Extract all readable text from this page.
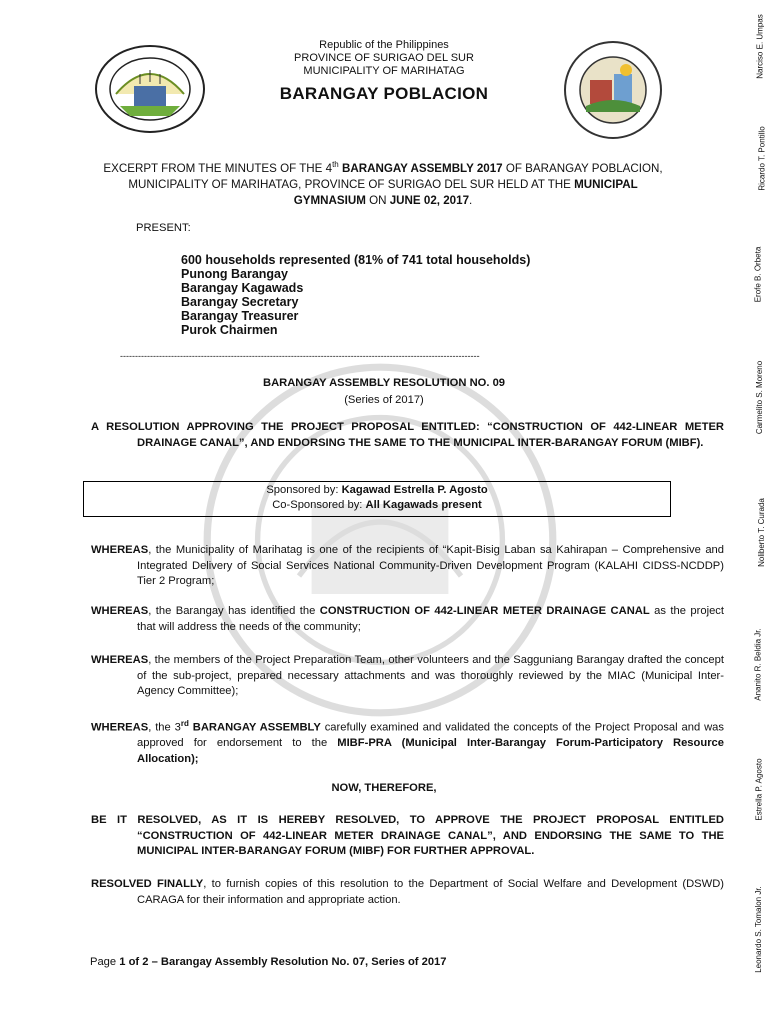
Republic of the Philippines
PROVINCE OF SURIGAO DEL SUR
MUNICIPALITY OF MARIHATAG
BARANGAY POBLACION
EXCERPT FROM THE MINUTES OF THE 4th BARANGAY ASSEMBLY 2017 OF BARANGAY POBLACION, MUNICIPALITY OF MARIHATAG, PROVINCE OF SURIGAO DEL SUR HELD AT THE MUNICIPAL GYMNASIUM ON JUNE 02, 2017.
PRESENT:
600 households represented (81% of 741 total households)
Punong Barangay
Barangay Kagawads
Barangay Secretary
Barangay Treasurer
Purok Chairmen
------------------------------------------------------------------------------------------------------------------------
BARANGAY ASSEMBLY RESOLUTION NO. 09
(Series of 2017)
A RESOLUTION APPROVING THE PROJECT PROPOSAL ENTITLED: “CONSTRUCTION OF 442-LINEAR METER DRAINAGE CANAL”, AND ENDORSING THE SAME TO THE MUNICIPAL INTER-BARANGAY FORUM (MIBF).
Sponsored by: Kagawad Estrella P. Agosto
Co-Sponsored by: All Kagawads present
WHEREAS, the Municipality of Marihatag is one of the recipients of “Kapit-Bisig Laban sa Kahirapan – Comprehensive and Integrated Delivery of Social Services National Community-Driven Development Program (KALAHI CIDSS-NCDDP) Tier 2 Program;
WHEREAS, the Barangay has identified the CONSTRUCTION OF 442-LINEAR METER DRAINAGE CANAL as the project that will address the needs of the community;
WHEREAS, the members of the Project Preparation Team, other volunteers and the Sagguniang Barangay drafted the concept of the sub-project, prepared necessary attachments and was thoroughly reviewed by the MIAC (Municipal Inter-Agency Committee);
WHEREAS, the 3rd BARANGAY ASSEMBLY carefully examined and validated the concepts of the Project Proposal and was approved for endorsement to the MIBF-PRA (Municipal Inter-Barangay Forum-Participatory Resource Allocation);
NOW, THEREFORE,
BE IT RESOLVED, AS IT IS HEREBY RESOLVED, TO APPROVE THE PROJECT PROPOSAL ENTITLED “CONSTRUCTION OF 442-LINEAR METER DRAINAGE CANAL”, AND ENDORSING THE SAME TO THE MUNICIPAL INTER-BARANGAY FORUM (MIBF) FOR FURTHER APPROVAL.
RESOLVED FINALLY, to furnish copies of this resolution to the Department of Social Welfare and Development (DSWD) CARAGA for their information and appropriate action.
Page 1 of 2 – Barangay Assembly Resolution No. 07, Series of 2017
Narciso E. Umpas
Ricardo T. Pontillo
Erofe B. Orbeta
Carmelito S. Moreno
Noliberto T. Curada
Ananito R. Beldia Jr.
Estrella P. Agosto
Leonardo S. Tomalon Jr.
